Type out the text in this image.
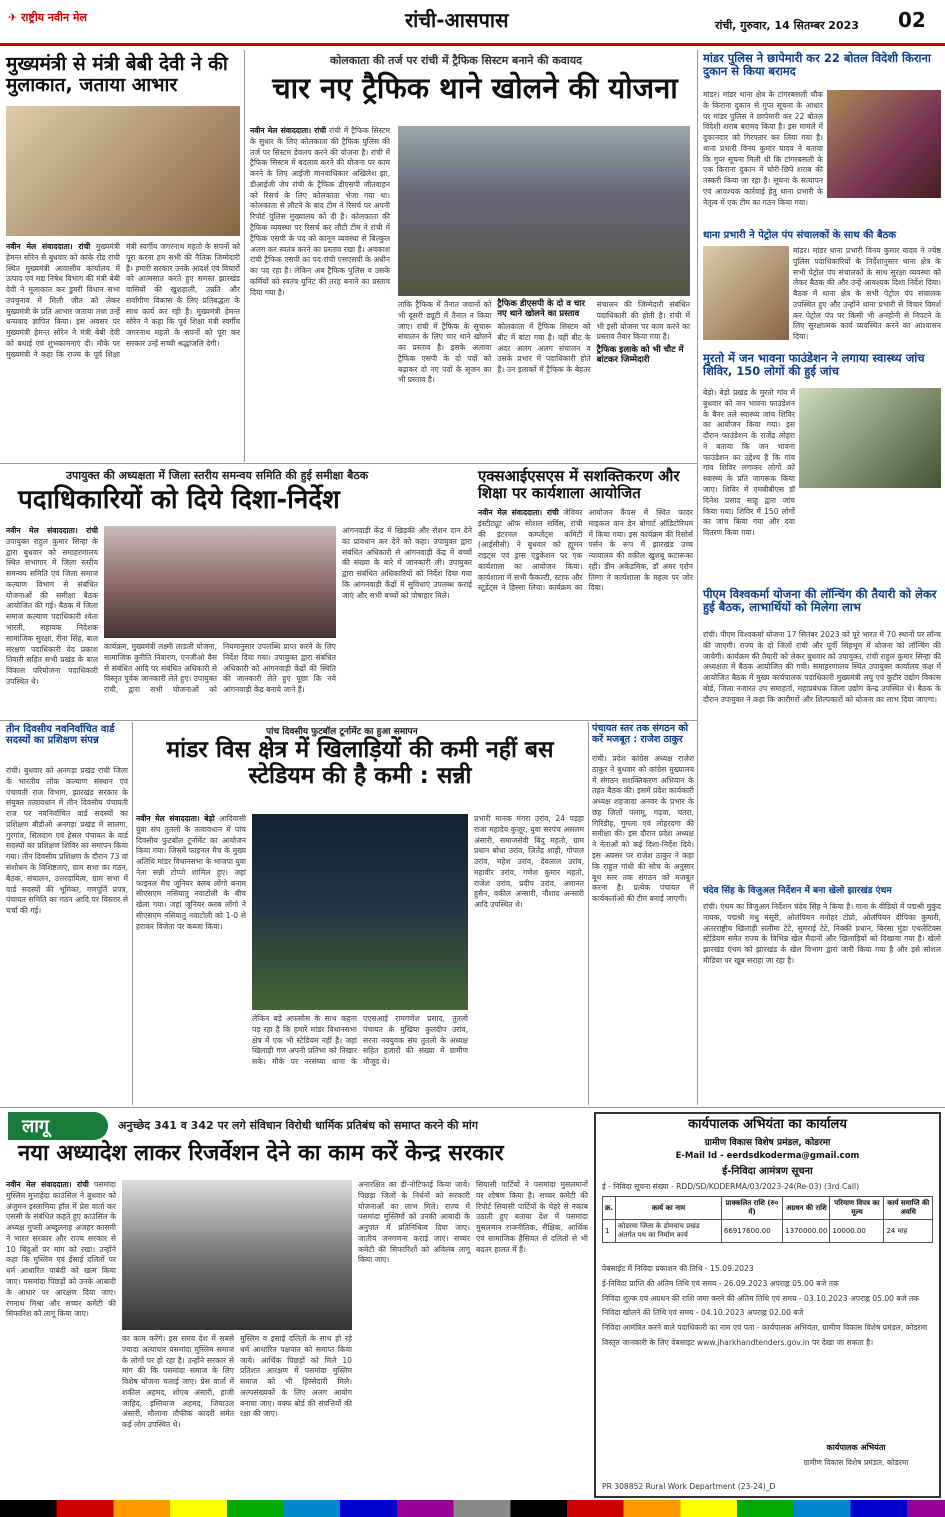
✈ राष्ट्रीय नवीन मेल	रांची-आसपास	रांची, गुरुवार, 14 सितम्बर 2023 02
मुख्यमंत्री से मंत्री बेबी देवी ने की मुलाकात, जताया आभार
नवीन मेल संवाददाता। रांची मुख्यमंत्री हेमन्त सोरेन से बुधवार को कांके रोड रांची स्थित मुख्यमंत्री आवासीय कार्यालय में उत्पाद एवं मद्य निषेध विभाग की मंत्री बेबी देवी ने मुलाकात कर डुमरी विधान सभा उपचुनाव में मिली जीत को लेकर मुख्यमंत्री के प्रति आभार जताया तथा उन्हें धन्यवाद ज्ञापित किया। इस अवसर पर मुख्यमंत्री हेमन्त सोरेन ने मंत्री बेबी देवी को बधाई एवं शुभकामनाएं दी। मौके पर मुख्यमंत्री ने कहा कि राज्य के पूर्व शिक्षा मंत्री स्वर्गीय जगरनाथ महतो के सपनों को पूरा करना हम सभी की नैतिक जिम्मेदारी है। हमारी सरकार उनके आदर्श एवं विचारों को आत्मसात करते हुए समस्त झारखंड वासियों की खुशहाली, उन्नति और सर्वांगीण विकास के लिए प्रतिबद्धता के साथ कार्य कर रही है। मुख्यमंत्री हेमन्त सोरेन ने कहा कि पूर्व शिक्षा मंत्री स्वर्गीय जगरनाथ महतो के सपनों को पूरा कर सरकार उन्हें सच्ची श्रद्धांजलि देगी।
कोलकाता की तर्ज पर रांची में ट्रैफिक सिस्टम बनाने की कवायद
चार नए ट्रैफिक थाने खोलने की योजना
नवीन मेल संवाददाता। रांची रांची में ट्रैफिक सिस्टम के सुधार के लिए कोलकाता की ट्रैफिक पुलिस की तर्ज पर सिस्टम डेवलप करने की योजना है। रांची में ट्रैफिक सिस्टम में बदलाव करने की योजना पर काम करने के लिए आईजी मानवाधिकार अखिलेश झा, डीआईजी जेप रांची के ट्रैफिक डीएसपी जीतवाहन को रिसर्च के लिए कोलकाता भेजा गया था। कोलकाता से लौटने के बाद टीम ने रिसर्च पर अपनी रिपोर्ट पुलिस मुख्यालय को दी है। कोलकाता की ट्रैफिक व्यवस्था पर रिसर्च कर लौटी टीम ने रांची में ट्रैफिक एसपी के पद को कानून व्यवस्था से बिल्कुल अलग कर स्वतंत्र करने का प्रस्ताव रखा है। अवकाश रांची ट्रैफिक एसपी का पद रांची एसएसपी के अधीन का पद रहा है। लेकिन अब ट्रैफिक पुलिस व उसके कर्मियों को स्वतंत्र यूनिट की तरह बनाने का प्रस्ताव दिया गया है।
ताकि ट्रैफिक में तैनात जवानों को भी दूसरी ड्यूटी में तैनात न किया जाए। रांची में ट्रैफिक के सुचारू संचालन के लिए चार थाने खोलने का प्रस्ताव है। इसके अलावा ट्रैफिक एसपी के दो पदों को बढ़ाकर दो नए पदों के सृजन का भी प्रस्ताव है।
ट्रैफिक डीएसपी के दो व चार नए थाने खोलने का प्रस्ताव
कोलकाता में ट्रैफिक सिस्टम को बीट में बांटा गया है। वहीं बीट के अंदर अलग अलग संचालन व उसके प्रभार में पदाधिकारी होते हैं। उन इलाकों में ट्रैफिक के बेहतर संचालन की जिम्मेदारी संबंधित पदाधिकारी की होती है। रांची में भी इसी योजना पर काम करने का प्रस्ताव तैयार किया गया है।
ट्रैफिक इलाके को भी चौट में बांटकर जिम्मेदारी
मांडर पुलिस ने छापेमारी कर 22 बोतल विदेशी किराना दुकान से किया बरामद
मांडर। मांडर थाना क्षेत्र के टांगरबसली चौक के किराना दुकान से गुप्त सूचना के आधार पर मांडर पुलिस ने छापेमारी कर 22 बोतल विदेशी शराब बरामद किया है। इस मामले में दुकानदार को गिरफ्तार कर लिया गया है। थाना प्रभारी विनय कुमार यादव ने बताया कि गुप्त सूचना मिली थी कि टांगरबसली के एक किराना दुकान में चोरी-छिपे शराब की तस्करी किया जा रहा है। सूचना के सत्यापन एवं आवश्यक कार्रवाई हेतु थाना प्रभारी के नेतृत्व में एक टीम का गठन किया गया।
थाना प्रभारी ने पेट्रोल पंप संचालकों के साथ की बैठक
मांडर। मांडर थाना प्रभारी विनय कुमार यादव ने ज्येष्ठ पुलिस पदाधिकारियों के निर्देशानुसार थाना क्षेत्र के सभी पेट्रोल पंप संचालकों के साथ सुरक्षा व्यवस्था को लेकर बैठक की और उन्हें आवश्यक दिशा निर्देश दिया। बैठक में थाना क्षेत्र के सभी पेट्रोल पंप संचालक उपस्थित हुए और उन्होंने थाना प्रभारी से विचार विमर्श कर पेट्रोल पंप पर किसी भी अनहोनी से निपटने के लिए सुरक्षात्मक कार्य व्यवस्थित करने का आश्वासन दिया।
मुरतो में जन भावना फाउंडेशन ने लगाया स्वास्थ्य जांच शिविर, 150 लोगों की हुई जांच
बेड़ो। बेड़ो प्रखंड के मुरतो गांव में बुधवार को जन भावना फाउंडेशन के बैनर तले स्वास्थ्य जांच शिविर का आयोजन किया गया। इस दौरान फाउंडेशन के राजेंद्र लोहरा ने बताया कि जन भावना फाउंडेशन का उद्देश्य है कि गांव गांव शिविर लगाकर लोगों को स्वास्थ्य के प्रति जागरूक किया जाए। शिविर में एमबीबीएस डॉ दिनेश प्रसाद साहू द्वारा जांच किया गया। शिविर में 150 लोगों का जांच किया गया और दवा वितरण किया गया।
पीएम विश्वकर्मा योजना की लॉन्चिंग की तैयारी को लेकर हुई बैठक, लाभार्थियों को मिलेगा लाभ
रांची। पीएम विश्वकर्मा योजना 17 सितंबर 2023 को पूरे भारत में 70 स्थानों पर लॉन्च की जाएगी। राज्य के दो जिलों रांची और पूर्वी सिंहभूम में योजना को लॉन्चिंग की जायेगी। कार्यक्रम की तैयारी को लेकर बुधवार को उपायुक्त, रांची राहुल कुमार सिन्हा की अध्यक्षता में बैठक आयोजित की गयी। समाहरणालय स्थित उपायुक्त कार्यालय कक्ष में आयोजित बैठक में मुख्य कार्यपालक पदाधिकारी मुख्यमंत्री लघु एवं कुटीर उद्योग विकास बोर्ड, जिला नजारत उप समाहर्ता, महाप्रबंधक जिला उद्योग केन्द्र उपस्थित थे। बैठक के दौरान उपायुक्त ने कहा कि कारीगरों और शिल्पकारों को योजना का लाभ दिया जाएगा।
चंदेव सिंह के विजुअल निर्देशन में बना खेलो झारखंड एंथम
रांची। एंथम का विजुअल निर्देशन चंदेव सिंह ने किया है। गाना के वीडियो में पद्मश्री मुकुंद नायक, पद्मश्री मधु मंसूरी, ओलंपियन मनोहर टोप्नो, ओलंपियन दीपिका कुमारी, अंतरराष्ट्रीय खिलाड़ी सलीमा टेटे, सुमराई टेटे, निक्की प्रधान, बिरसा मुंडा एथलेटिक्स स्टेडियम समेत राज्य के विभिन्न खेल मैदानों और खिलाड़ियों को दिखाया गया है। खेलो झारखंड एंथम को झारखंड के खेल विभाग द्वारा जारी किया गया है और इसे सोशल मीडिया पर खूब सराहा जा रहा है।
उपायुक्त की अध्यक्षता में जिला स्तरीय समन्वय समिति की हुई समीक्षा बैठक
पदाधिकारियों को दिये दिशा-निर्देश
नवीन मेल संवाददाता। रांची उपायुक्त राहुल कुमार सिन्हा के द्वारा बुधवार को समाहरणालय स्थित सभागार में जिला स्तरीय समन्वय समिति एवं जिला समाज कल्याण विभाग से संबंधित योजनाओं की समीक्षा बैठक आयोजित की गई। बैठक में जिला समाज कल्याण पदाधिकारी श्वेता भारती, सहायक निदेशक सामाजिक सुरक्षा, रीना सिंह, बाल संरक्षण पदाधिकारी वेद प्रकाश तिवारी सहित सभी प्रखंड के बाल विकास परियोजना पदाधिकारी उपस्थित थे।
कार्यक्रम, मुख्यमंत्री लक्ष्मी लाडली योजना, सामाजिक कुरीति निवारण, एनजीओ वैस से संबंधित आदि पर संबंधित अधिकारी से विस्तृत पूर्वक जानकारी लेते हुए। उपायुक्त रांची, द्वारा सभी योजनाओं को नियमानुसार उपलब्धि प्राप्त करने के लिए निर्देश दिया गया। उपायुक्त द्वारा संबंधित अधिकारी को आंगनवाड़ी केंद्रों की स्थिति की जानकारी लेते हुए पूछा कि नये आंगनवाड़ी केंद्र बनाये जाने हैं।
आंगनवाड़ी केंद्र में खिड़की और रोशन दान देने का प्रावधान कर देने को कहा। उपायुक्त द्वारा संबंधित अधिकारी से आंगनवाड़ी केंद्र में बच्चों की संख्या के बारे में जानकारी ली। उपायुक्त द्वारा संबंधित अधिकारियों को निर्देश दिया गया कि आंगनवाड़ी केंद्रों में सुविधाएं उपलब्ध कराई जाएं और सभी बच्चों को पोषाहार मिले।
एक्सआईएसएस में सशक्तिकरण और शिक्षा पर कार्यशाला आयोजित
नवीन मेल संवाददाता। रांची जेवियर इंस्टीट्यूट ऑफ सोशल सर्विस, रांची की इंटरनल कम्प्लेंट्स कमिटी (आईसीसी) ने बुधवार को ह्यूमन राइट्स एवं ड्रग्स एडुकेशन पर एक कार्यशाला का आयोजन किया। कार्यशाला में सभी फैकल्टी, स्टाफ और स्टूडेंट्स ने हिस्सा लिया। कार्यक्रम का आयोजन कैंपस में स्थित फादर माइकल वान डेन बोगार्ट ऑडिटोरियम में किया गया। इस कार्यक्रम की रिसोर्स पर्सन के रूप में झारखंड उच्च न्यायालय की वकील खुशबू कटारूका रहीं। डीन अकेडमिक, डॉ अमर एरोन तिग्गा ने कार्यशाला के महत्व पर जोर दिया।
तीन दिवसीय नवनिर्वाचित वार्ड सदस्यों का प्रशिक्षण संपन्न
रांची। बुधवार को अनगड़ा प्रखंड रांची जिला के भारतीय लोक कल्याण संस्थान एवं पंचायती राज विभाग, झारखंड सरकार के संयुक्त तत्वावधान में तीन दिवसीय पंचायती राज पर नवनिर्वाचित वार्ड सदस्यों का प्रशिक्षण बीडीओ अनगड़ा प्रखंड में सालगा, गुरगांव, सिलदाग एवं हेसल पंचायत के वार्ड सदस्यों का प्रशिक्षण शिविर का समापन किया गया। तीन दिवसीय प्रशिक्षण के दौरान 73 वां संशोधन के विशिष्टताएं, ग्राम सभा का गठन, बैठक, संचालन, उत्तरदायित्व, ग्राम सभा में वार्ड सदस्यों की भूमिका, गणपूर्ति प्रपत्र, पंचायत समिति का गठन आदि पर विस्तार से चर्चा की गई।
पांच दिवसीय फुटबॉल टूर्नामेंट का हुआ समापन
मांडर विस क्षेत्र में खिलाड़ियों की कमी नहीं बस स्टेडियम की है कमी : सन्नी
नवीन मेल संवाददाता। बेड़ो आदिवासी युवा संघ तुतलो के तत्वावधान में पांच दिवसीय फुटबॉल टूर्नामेंट का आयोजन किया गया। जिसमें फाइनल मैच के मुख्य अतिथि मांडर विधानसभा के भाजपा युवा नेता सन्नी टोप्पो शामिल हुए। जहां फाइनल मैच जूनियर क्लब लोंगो बनाम सीएसएम नसियातु नवाटोली के बीच खेला गया। जहां जूनियर क्लब लोंगो ने सीएसएम नसियातु नवाटोली को 1-0 से हराकर विजेता पर कब्जा किया।
लेकिन बड़े अफसोस के साथ कहना पड़ रहा है कि हमारे मांडर विधानसभा क्षेत्र में एक भी स्टेडियम नहीं है। जहां खिलाड़ी गण अपनी प्रतिभा को निखार सके। मौके पर नरसंघ्या थाना के एएसआई रामगणेश प्रसाद, तुतलो पंचायत के मुखिया कुलदीप उरांव, सरना नवयुवक संघ तुतलो के अध्यक्ष सहित हजारों की संख्या में ग्रामीण मौजूद थे।
प्रभारी मानक मंगरा उरांव, 24 पड़हा राजा महादेव कुजूर, युवा सरपंच असलम अंसारी, समाजसेवी बिंदु महतो, ग्राम प्रधान बोधा उरांव, जितेंद्र शाही, गोपाल उरांव, महेश उरांव, देवलाल उरांव, महावीर उरांव, गणेश कुमार महतो, राजेश उरांव, प्रदीप उरांव, अमानत हुसैन, वकील अन्सारी, नौशाद अन्सारी आदि उपस्थित थे।
पंचायत स्तर तक संगठन को करें मजबूत : राजेश ठाकुर
रांची। प्रदेश कांग्रेस अध्यक्ष राजेश ठाकुर ने बुधवार को कांग्रेस मुख्यालय में संगठन सशक्तिकरण अभियान के तहत बैठक की। इसमें प्रदेश कार्यकारी अध्यक्ष शहजादा अनवर के प्रभार के छह जिलों पलामू, गढ़वा, चतरा, गिरिडीह, गुमला एवं लोहरदगा की समीक्षा की। इस दौरान प्रदेश अध्यक्ष ने नेताओं को कई दिशा-निर्देश दिये। इस अवसर पर राजेश ठाकुर ने कहा कि राहुल गांधी की सोच के अनुसार बूथ स्तर तक संगठन को मजबूत करना है। प्रत्येक पंचायत में कार्यकर्ताओं की टीम बनाई जाएगी।
लागू	अनुच्छेद 341 व 342 पर लगे संविधान विरोधी धार्मिक प्रतिबंध को समाप्त करने की मांग
नया अध्यादेश लाकर रिजर्वेशन देने का काम करें केन्द्र सरकार
नवीन मेल संवाददाता। रांची पसमांदा मुस्लिम मुत्ताहेदा काउंसिल ने बुधवार को अंजुमन इस्लामिया हॉल में प्रेस वार्ता कर एससी के संबंधित कहते हुए काउंसिल के अध्यक्ष मुफ्ती अब्दुल्लाह अजहर कासमी ने भारत सरकार और राज्य सरकार से 10 बिंदुओं पर मांग को रखा। उन्होंने कहा कि मुस्लिम एवं ईसाई दलितों पर धर्म आधारित पाबंदी को खत्म किया जाए। पसमांदा पिछड़ों को उनके आबादी के आधार पर आरक्षण दिया जाए। रंगनाथ मिश्रा और सच्चर कमेटी की सिफारिश को लागू किया जाए।
का काम करेंगे। इस समय देश में सबसे ज्यादा अत्याचार पसमांदा मुस्लिम समाज के लोगों पर हो रहा है। उन्होंने सरकार से मांग की कि पसमांदा समाज के लिए विशेष योजना चलाई जाए। प्रेस वार्ता में शकील अहमद, शोएब अंसारी, हाजी जाहिद, इम्तियाज अहमद, जियाउल अंसारी, मौलाना तौफीक कादरी समेत कई लोग उपस्थित थे।
मुस्लिम व इसाई दलितों के साथ हो रहे धर्म आधारित पक्षपात को समाप्त किया जाये। आर्थिक पिछड़ों को मिले 10 प्रतिशत आरक्षण में पसमांदा मुस्लिम समाज को भी हिस्सेदारी मिले। अल्पसंख्यकों के लिए अलग आयोग बनाया जाए। वक्फ बोर्ड की संपत्तियों की रक्षा की जाए।
अनारक्षित का डी-नोटिफाई किया जाये। पिछड़ा जिलों के निर्धनों को सरकारी योजनाओं का लाभ मिले। राज्य में पसमांदा मुस्लिमों को उनकी आबादी के अनुपात में प्रतिनिधित्व दिया जाए। जातीय जनगणना कराई जाए। सच्चर कमेटी की सिफारिशों को अविलंब लागू किया जाए।
सियासी पार्टियों ने पसमांदा मुसलमानों पर शोषण किया है। सच्चर कमेटी की रिपोर्ट सियासी पार्टियों के चेहरे से नकाब उठाती हुए बताया देश में पसमांदा मुसलमान राजनीतिक, सैक्षिक, आर्थिक एवं सामाजिक हैसियत से दलितों से भी बदतर हालत में हैं।
कार्यपालक अभियंता का कार्यालय
ग्रामीण विकास विशेष प्रमंडल, कोडरमा
E-Mail Id - eerdsdkoderma@gmail.com
ई-निविदा आमंत्रण सूचना
ई - निविदा सूचना संख्या - RDD/SD/KODERMA/03/2023-24(Re-03) (3rd Call)
क्र.	कार्य का नाम	प्राक्कलित राशि (रु० में)	अग्रधन की राशि	परिमाण विपत्र का मूल्य	कार्य समाप्ति की अवधि
1	कोडरमा जिला के डोमचांच प्रखंड अंतर्गत पथ का निर्माण कार्य	66917600.00	1370000.00	10000.00	24 माह
वेबसाईट में निविदा प्रकाशन की तिथि - 15.09.2023
ई-निविदा प्राप्ति की अंतिम तिथि एवं समय - 26.09.2023 अपराह्न 05.00 बजे तक
निविदा शुल्क एवं अग्रधन की राशि जमा करने की अंतिम तिथि एवं समय - 03.10.2023 अपराह्न 05.00 बजे तक
निविदा खोलने की तिथि एवं समय - 04.10.2023 अपराह्न 02.00 बजे
निविदा आमंत्रित करने वाले पदाधिकारी का नाम एवं पता - कार्यपालक अभियंता, ग्रामीण विकास विशेष प्रमंडल, कोडरमा
विस्तृत जानकारी के लिए वेबसाइट www.jharkhandtenders.gov.in पर देखा जा सकता है।
कार्यपालक अभियंता
ग्रामीण विकास विशेष प्रमंडल, कोडरमा
PR 308852 Rural Work Department (23-24)_D
